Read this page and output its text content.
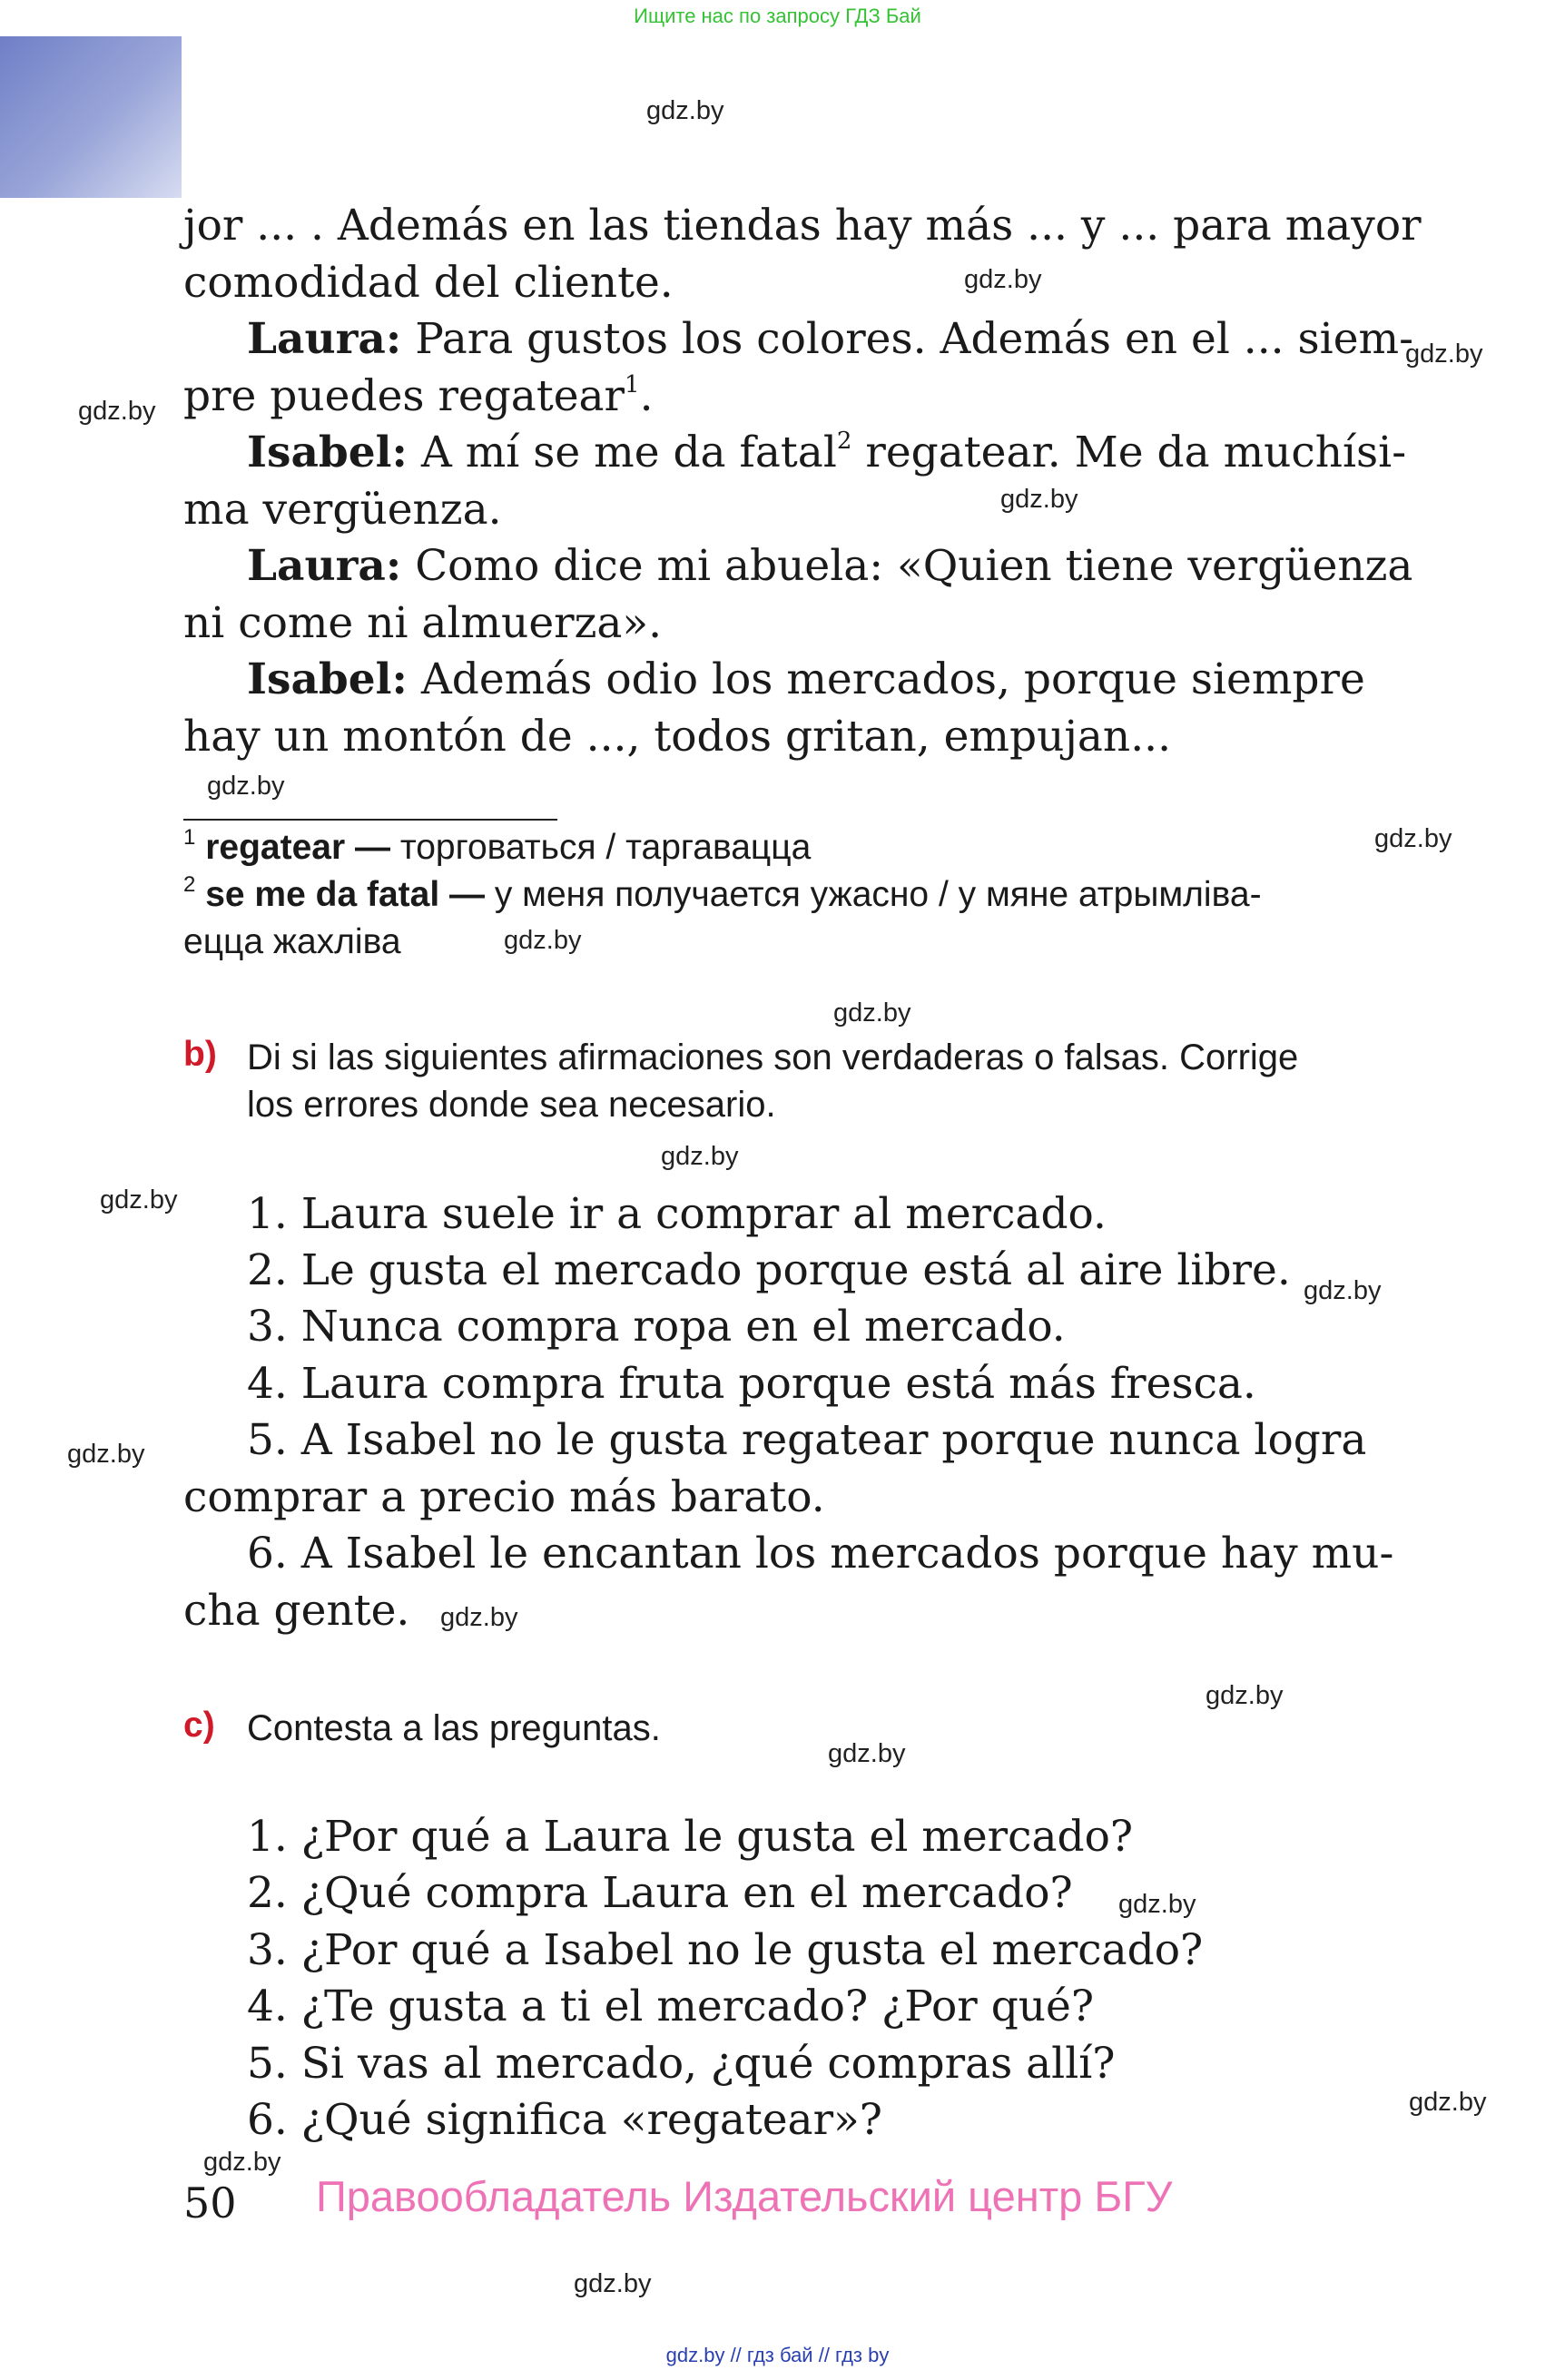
Ищите нас по запросу ГДЗ Бай
gdz.by
gdz.by
gdz.by
gdz.by
gdz.by
gdz.by
gdz.by
gdz.by
gdz.by
gdz.by
gdz.by
gdz.by
gdz.by
gdz.by
gdz.by
gdz.by
gdz.by
gdz.by
gdz.by
gdz.by
jor ... . Además en las tiendas hay más ... y ... para mayor
comodidad del cliente.
Laura: Para gustos los colores. Además en el ... siem-
pre puedes regatear$^1$.
Isabel: A mí se me da fatal$^2$ regatear. Me da muchísi-
ma vergüenza.
Laura: Como dice mi abuela: «Quien tiene vergüenza
ni come ni almuerza».
Isabel: Además odio los mercados, porque siempre
hay un montón de ..., todos gritan, empujan...
$^1$ regatear — торговаться / таргавацца
$^2$ se me da fatal — у меня получается ужасно / у мяне атрымліва-
ецца жахліва
b) Di si las siguientes afirmaciones son verdaderas o falsas. Corrige
los errores donde sea necesario.
1. Laura suele ir a comprar al mercado.
2. Le gusta el mercado porque está al aire libre.
3. Nunca compra ropa en el mercado.
4. Laura compra fruta porque está más fresca.
5. A Isabel no le gusta regatear porque nunca logra
comprar a precio más barato.
6. A Isabel le encantan los mercados porque hay mu-
cha gente.
c) Contesta a las preguntas.
1. ¿Por qué a Laura le gusta el mercado?
2. ¿Qué compra Laura en el mercado?
3. ¿Por qué a Isabel no le gusta el mercado?
4. ¿Te gusta a ti el mercado? ¿Por qué?
5. Si vas al mercado, ¿qué compras allí?
6. ¿Qué significa «regatear»?
50 Правообладатель Издательский центр БГУ
gdz.by // гдз бай // гдз by
